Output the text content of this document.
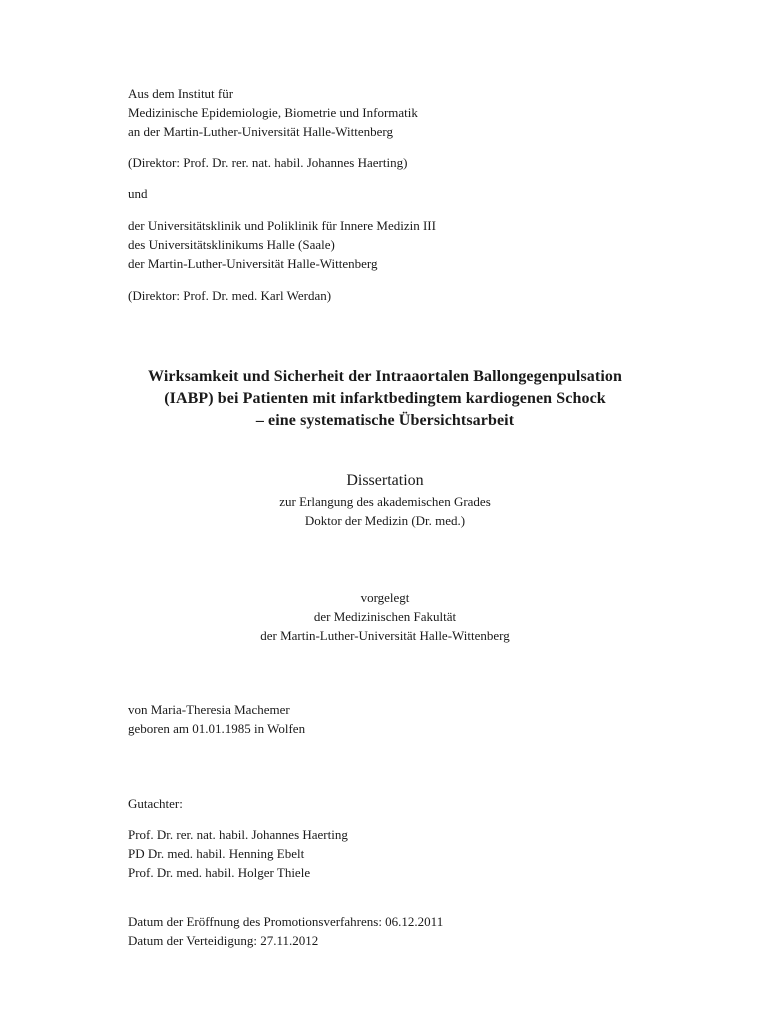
Aus dem Institut für
Medizinische Epidemiologie, Biometrie und Informatik
an der Martin-Luther-Universität Halle-Wittenberg
(Direktor: Prof. Dr. rer. nat. habil. Johannes Haerting)
und
der Universitätsklinik und Poliklinik für Innere Medizin III
des Universitätsklinikums Halle (Saale)
der Martin-Luther-Universität Halle-Wittenberg
(Direktor: Prof. Dr. med. Karl Werdan)
Wirksamkeit und Sicherheit der Intraaortalen Ballongegenpulsation
(IABP) bei Patienten mit infarktbedingtem kardiogenen Schock
– eine systematische Übersichtsarbeit
Dissertation
zur Erlangung des akademischen Grades
Doktor der Medizin (Dr. med.)
vorgelegt
der Medizinischen Fakultät
der Martin-Luther-Universität Halle-Wittenberg
von Maria-Theresia Machemer
geboren am 01.01.1985 in Wolfen
Gutachter:
Prof. Dr. rer. nat. habil. Johannes Haerting
PD Dr. med. habil. Henning Ebelt
Prof. Dr. med. habil. Holger Thiele
Datum der Eröffnung des Promotionsverfahrens: 06.12.2011
Datum der Verteidigung: 27.11.2012
